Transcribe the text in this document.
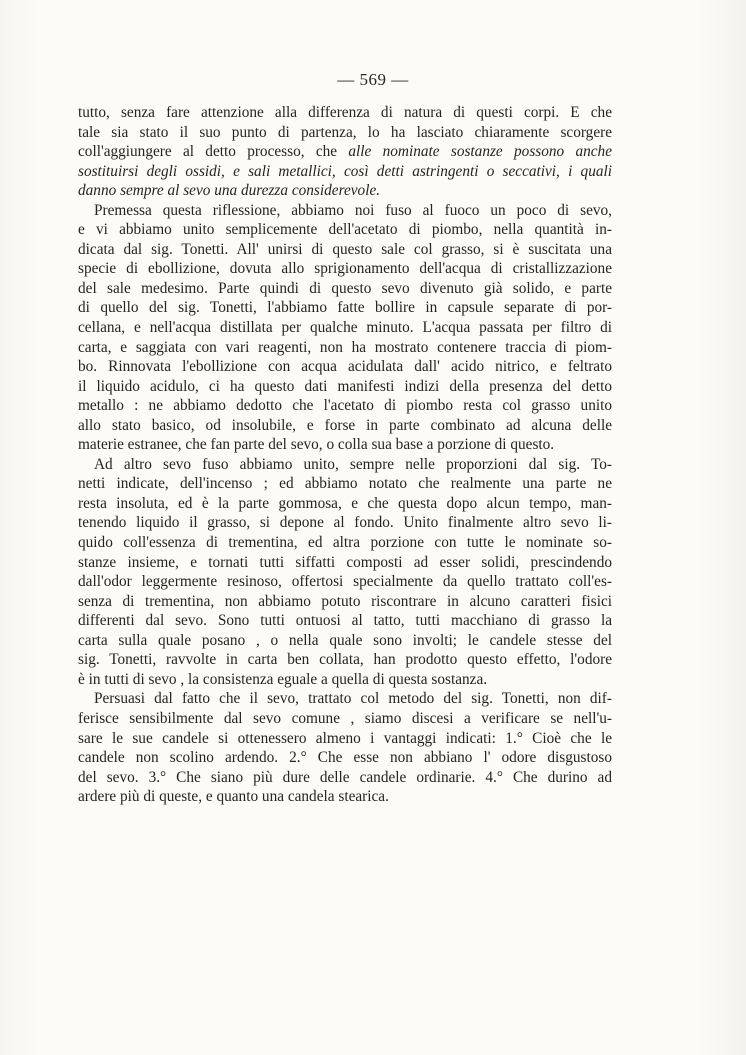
— 569 —
tutto, senza fare attenzione alla differenza di natura di questi corpi. E che
tale sia stato il suo punto di partenza, lo ha lasciato chiaramente scorgere
coll'aggiungere al detto processo, che alle nominate sostanze possono anche
sostituirsi degli ossidi, e sali metallici, così detti astringenti o seccativi, i quali
danno sempre al sevo una durezza considerevole.
Premessa questa riflessione, abbiamo noi fuso al fuoco un poco di sevo,
e vi abbiamo unito semplicemente dell'acetato di piombo, nella quantità in-
dicata dal sig. Tonetti. All' unirsi di questo sale col grasso, si è suscitata una
specie di ebollizione, dovuta allo sprigionamento dell'acqua di cristallizzazione
del sale medesimo. Parte quindi di questo sevo divenuto già solido, e parte
di quello del sig. Tonetti, l'abbiamo fatte bollire in capsule separate di por-
cellana, e nell'acqua distillata per qualche minuto. L'acqua passata per filtro di
carta, e saggiata con vari reagenti, non ha mostrato contenere traccia di piom-
bo. Rinnovata l'ebollizione con acqua acidulata dall' acido nitrico, e feltrato
il liquido acidulo, ci ha questo dati manifesti indizi della presenza del detto
metallo : ne abbiamo dedotto che l'acetato di piombo resta col grasso unito
allo stato basico, od insolubile, e forse in parte combinato ad alcuna delle
materie estranee, che fan parte del sevo, o colla sua base a porzione di questo.
Ad altro sevo fuso abbiamo unito, sempre nelle proporzioni dal sig. To-
netti indicate, dell'incenso ; ed abbiamo notato che realmente una parte ne
resta insoluta, ed è la parte gommosa, e che questa dopo alcun tempo, man-
tenendo liquido il grasso, si depone al fondo. Unito finalmente altro sevo li-
quido coll'essenza di trementina, ed altra porzione con tutte le nominate so-
stanze insieme, e tornati tutti siffatti composti ad esser solidi, prescindendo
dall'odor leggermente resinoso, offertosi specialmente da quello trattato coll'es-
senza di trementina, non abbiamo potuto riscontrare in alcuno caratteri fisici
differenti dal sevo. Sono tutti ontuosi al tatto, tutti macchiano di grasso la
carta sulla quale posano , o nella quale sono involti; le candele stesse del
sig. Tonetti, ravvolte in carta ben collata, han prodotto questo effetto, l'odore
è in tutti di sevo , la consistenza eguale a quella di questa sostanza.
Persuasi dal fatto che il sevo, trattato col metodo del sig. Tonetti, non dif-
ferisce sensibilmente dal sevo comune , siamo discesi a verificare se nell'u-
sare le sue candele si ottenessero almeno i vantaggi indicati: 1.° Cioè che le
candele non scolino ardendo. 2.° Che esse non abbiano l' odore disgustoso
del sevo. 3.° Che siano più dure delle candele ordinarie. 4.° Che durino ad
ardere più di queste, e quanto una candela stearica.
